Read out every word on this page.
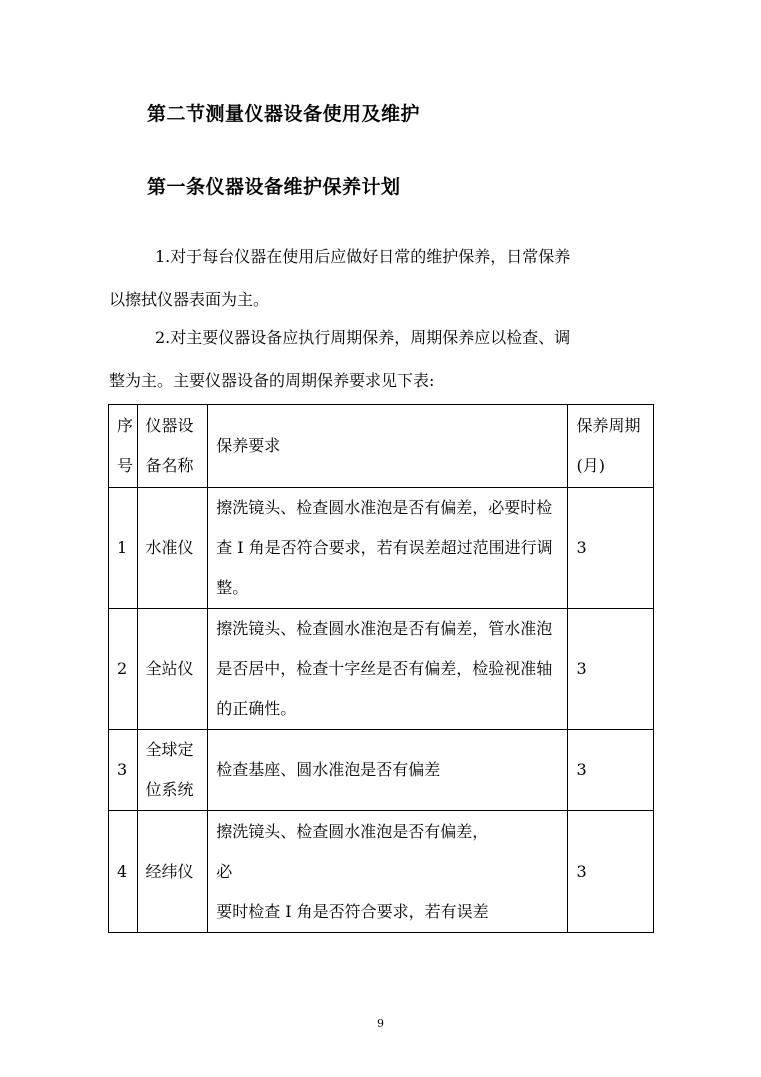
第二节测量仪器设备使用及维护
第一条仪器设备维护保养计划

1.对于每台仪器在使用后应做好日常的维护保养，日常保养

以擦拭仪器表面为主。

2.对主要仪器设备应执行周期保养，周期保养应以检查、调

整为主。主要仪器设备的周期保养要求见下表:

序号	仪器设备名称	保养要求	保养周期(月)
1	水准仪	擦洗镜头、检查圆水准泡是否有偏差，必要时检查 I 角是否符合要求，若有误差超过范围进行调整。	3
2	全站仪	擦洗镜头、检查圆水准泡是否有偏差，管水准泡是否居中，检查十字丝是否有偏差，检验视准轴的正确性。	3
3	全球定位系统	检查基座、圆水准泡是否有偏差	3
4	经纬仪	擦洗镜头、检查圆水准泡是否有偏差，
必
要时检查 I 角是否符合要求，若有误差	3
9
